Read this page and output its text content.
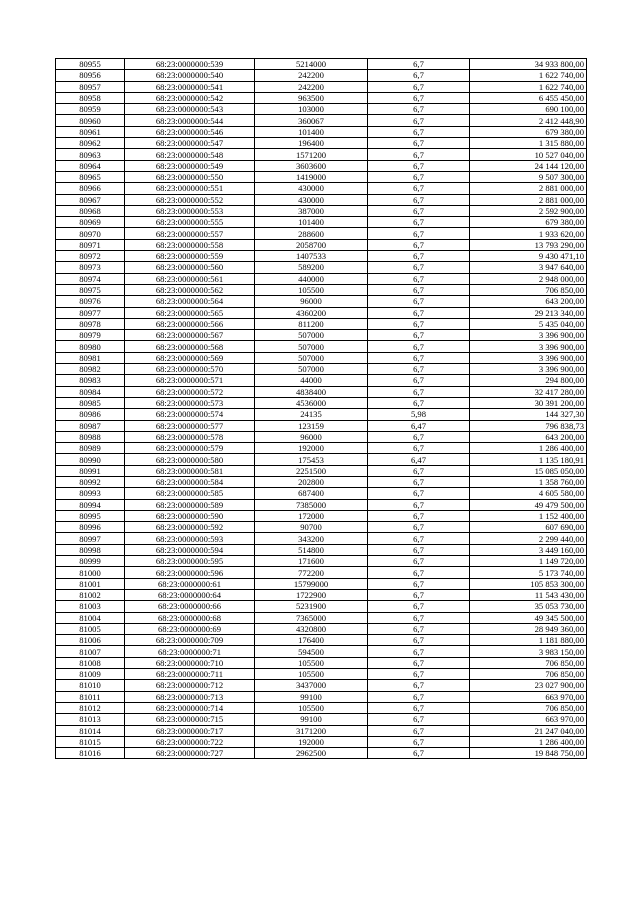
80955	68:23:0000000:539	5214000	6,7	34 933 800,00
80956	68:23:0000000:540	242200	6,7	1 622 740,00
80957	68:23:0000000:541	242200	6,7	1 622 740,00
80958	68:23:0000000:542	963500	6,7	6 455 450,00
80959	68:23:0000000:543	103000	6,7	690 100,00
80960	68:23:0000000:544	360067	6,7	2 412 448,90
80961	68:23:0000000:546	101400	6,7	679 380,00
80962	68:23:0000000:547	196400	6,7	1 315 880,00
80963	68:23:0000000:548	1571200	6,7	10 527 040,00
80964	68:23:0000000:549	3603600	6,7	24 144 120,00
80965	68:23:0000000:550	1419000	6,7	9 507 300,00
80966	68:23:0000000:551	430000	6,7	2 881 000,00
80967	68:23:0000000:552	430000	6,7	2 881 000,00
80968	68:23:0000000:553	387000	6,7	2 592 900,00
80969	68:23:0000000:555	101400	6,7	679 380,00
80970	68:23:0000000:557	288600	6,7	1 933 620,00
80971	68:23:0000000:558	2058700	6,7	13 793 290,00
80972	68:23:0000000:559	1407533	6,7	9 430 471,10
80973	68:23:0000000:560	589200	6,7	3 947 640,00
80974	68:23:0000000:561	440000	6,7	2 948 000,00
80975	68:23:0000000:562	105500	6,7	706 850,00
80976	68:23:0000000:564	96000	6,7	643 200,00
80977	68:23:0000000:565	4360200	6,7	29 213 340,00
80978	68:23:0000000:566	811200	6,7	5 435 040,00
80979	68:23:0000000:567	507000	6,7	3 396 900,00
80980	68:23:0000000:568	507000	6,7	3 396 900,00
80981	68:23:0000000:569	507000	6,7	3 396 900,00
80982	68:23:0000000:570	507000	6,7	3 396 900,00
80983	68:23:0000000:571	44000	6,7	294 800,00
80984	68:23:0000000:572	4838400	6,7	32 417 280,00
80985	68:23:0000000:573	4536000	6,7	30 391 200,00
80986	68:23:0000000:574	24135	5,98	144 327,30
80987	68:23:0000000:577	123159	6,47	796 838,73
80988	68:23:0000000:578	96000	6,7	643 200,00
80989	68:23:0000000:579	192000	6,7	1 286 400,00
80990	68:23:0000000:580	175453	6,47	1 135 180,91
80991	68:23:0000000:581	2251500	6,7	15 085 050,00
80992	68:23:0000000:584	202800	6,7	1 358 760,00
80993	68:23:0000000:585	687400	6,7	4 605 580,00
80994	68:23:0000000:589	7385000	6,7	49 479 500,00
80995	68:23:0000000:590	172000	6,7	1 152 400,00
80996	68:23:0000000:592	90700	6,7	607 690,00
80997	68:23:0000000:593	343200	6,7	2 299 440,00
80998	68:23:0000000:594	514800	6,7	3 449 160,00
80999	68:23:0000000:595	171600	6,7	1 149 720,00
81000	68:23:0000000:596	772200	6,7	5 173 740,00
81001	68:23:0000000:61	15799000	6,7	105 853 300,00
81002	68:23:0000000:64	1722900	6,7	11 543 430,00
81003	68:23:0000000:66	5231900	6,7	35 053 730,00
81004	68:23:0000000:68	7365000	6,7	49 345 500,00
81005	68:23:0000000:69	4320800	6,7	28 949 360,00
81006	68:23:0000000:709	176400	6,7	1 181 880,00
81007	68:23:0000000:71	594500	6,7	3 983 150,00
81008	68:23:0000000:710	105500	6,7	706 850,00
81009	68:23:0000000:711	105500	6,7	706 850,00
81010	68:23:0000000:712	3437000	6,7	23 027 900,00
81011	68:23:0000000:713	99100	6,7	663 970,00
81012	68:23:0000000:714	105500	6,7	706 850,00
81013	68:23:0000000:715	99100	6,7	663 970,00
81014	68:23:0000000:717	3171200	6,7	21 247 040,00
81015	68:23:0000000:722	192000	6,7	1 286 400,00
81016	68:23:0000000:727	2962500	6,7	19 848 750,00
